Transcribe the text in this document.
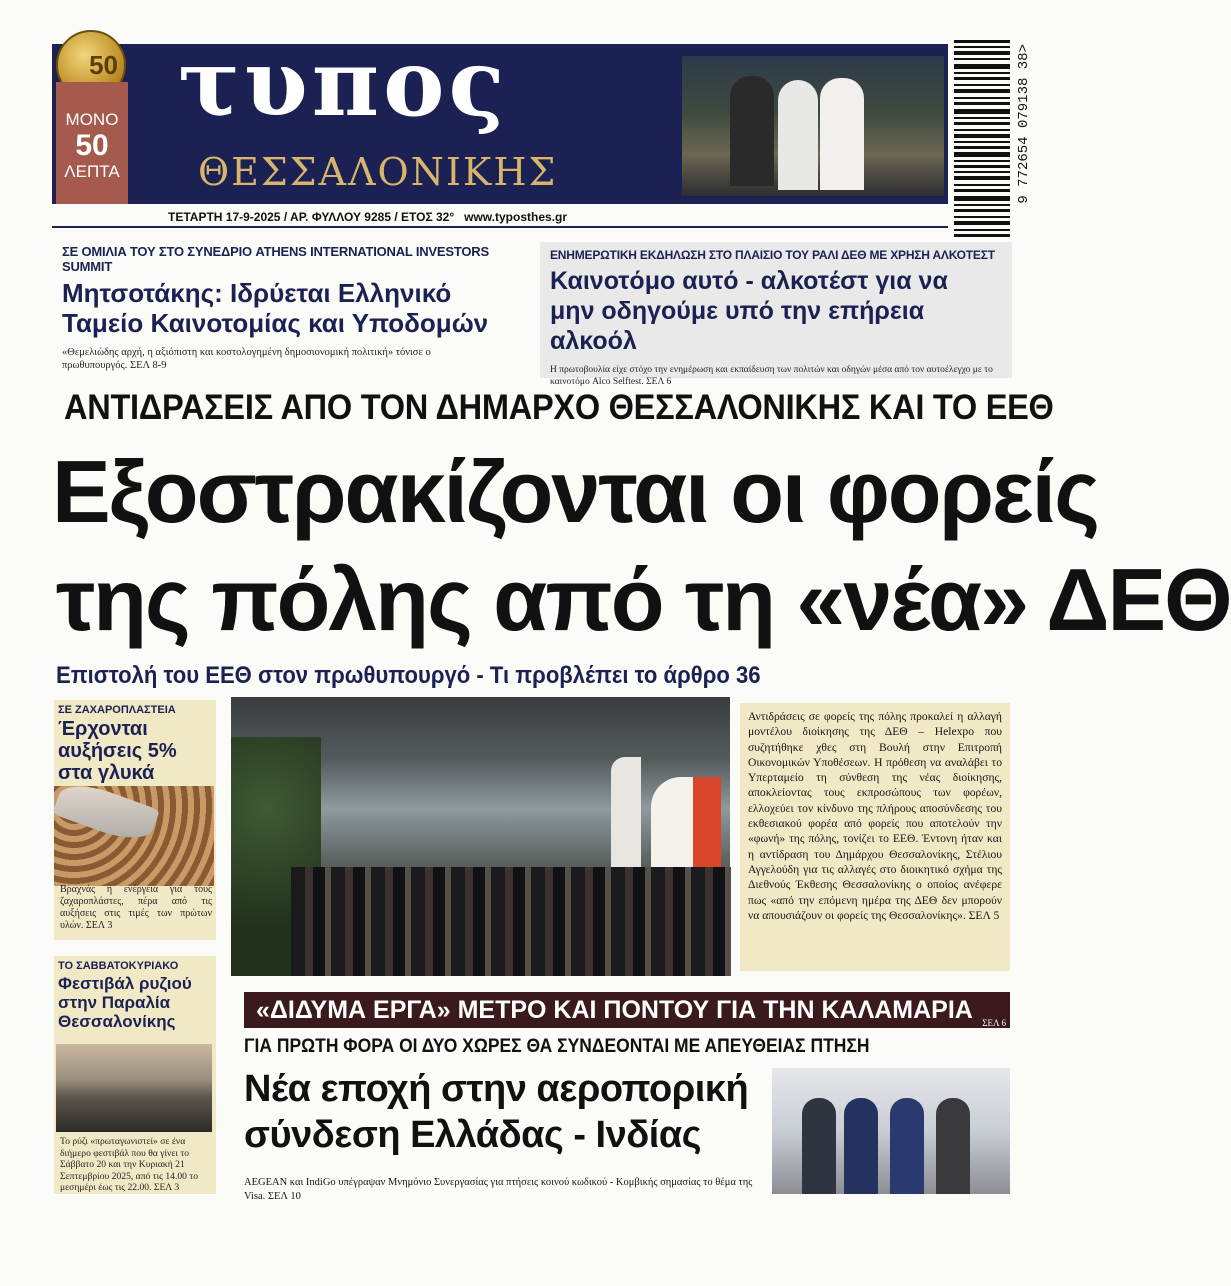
50
ΜΟΝΟ
50
ΛΕΠΤΑ
τυπος
ΘΕΣΣΑΛΟΝΙΚΗΣ
ΤΕΤΑΡΤΗ 17-9-2025 / ΑΡ. ΦΥΛΛΟΥ 9285 / ΕΤΟΣ 32° www.typosthes.gr
9 772654 079138 38>
ΣΕ ΟΜΙΛΙΑ ΤΟΥ ΣΤΟ ΣΥΝΕΔΡΙΟ ATHENS INTERNATIONAL INVESTORS SUMMIT
Μητσοτάκης: Ιδρύεται Ελληνικό
Ταμείο Καινοτομίας και Υποδομών
«Θεμελιώδης αρχή, η αξιόπιστη και κοστολογημένη δημοσιονομική πολιτική» τόνισε ο πρωθυπουργός. ΣΕΛ 8-9
ΕΝΗΜΕΡΩΤΙΚΗ ΕΚΔΗΛΩΣΗ ΣΤΟ ΠΛΑΙΣΙΟ ΤΟΥ ΡΑΛΙ ΔΕΘ ΜΕ ΧΡΗΣΗ ΑΛΚΟΤΕΣΤ
Καινοτόμο αυτό - αλκοτέστ για να
μην οδηγούμε υπό την επήρεια αλκοόλ
Η πρωτοβουλία είχε στόχο την ενημέρωση και εκπαίδευση των πολιτών και οδηγών μέσα από τον αυτοέλεγχο με το καινοτόμο Alco Selftest. ΣΕΛ 6
ΑΝΤΙΔΡΑΣΕΙΣ ΑΠΟ ΤΟΝ ΔΗΜΑΡΧΟ ΘΕΣΣΑΛΟΝΙΚΗΣ ΚΑΙ ΤΟ ΕΕΘ
Εξοστρακίζονται οι φορείς
της πόλης από τη «νέα» ΔΕΘ
Επιστολή του ΕΕΘ στον πρωθυπουργό - Τι προβλέπει το άρθρο 36
ΣΕ ΖΑΧΑΡΟΠΛΑΣΤΕΙΑ
Έρχονται
αυξήσεις 5%
στα γλυκά
Βραχνάς η ενέργεια για τους ζαχαροπλάστες, πέρα από τις αυξήσεις στις τιμές των πρώτων υλών. ΣΕΛ 3
ΤΟ ΣΑΒΒΑΤΟΚΥΡΙΑΚΟ
Φεστιβάλ ρυζιού
στην Παραλία
Θεσσαλονίκης
Το ρύζι «πρωταγωνιστεί» σε ένα διήμερο φεστιβάλ που θα γίνει το Σάββατο 20 και την Κυριακή 21 Σεπτεμβρίου 2025, από τις 14.00 το μεσημέρι έως τις 22.00. ΣΕΛ 3
Αντιδράσεις σε φορείς της πόλης προκαλεί η αλλαγή μοντέλου διοίκησης της ΔΕΘ – Helexpo που συζητήθηκε χθες στη Βουλή στην Επιτροπή Οικονομικών Υποθέσεων. Η πρόθεση να αναλάβει το Υπερταμείο τη σύνθεση της νέας διοίκησης, αποκλείοντας τους εκπροσώπους των φορέων, ελλοχεύει τον κίνδυνο της πλήρους αποσύνδεσης του εκθεσιακού φορέα από φορείς που αποτελούν την «φωνή» της πόλης, τονίζει το ΕΕΘ. Έντονη ήταν και η αντίδραση του Δημάρχου Θεσσαλονίκης, Στέλιου Αγγελούδη για τις αλλαγές στο διοικητικό σχήμα της Διεθνούς Έκθεσης Θεσσαλονίκης ο οποίος ανέφερε πως «από την επόμενη ημέρα της ΔΕΘ δεν μπορούν να απουσιάζουν οι φορείς της Θεσσαλονίκης». ΣΕΛ 5
«ΔΙΔΥΜΑ ΕΡΓΑ» ΜΕΤΡΟ ΚΑΙ ΠΟΝΤΟΥ ΓΙΑ ΤΗΝ ΚΑΛΑΜΑΡΙΑ ΣΕΛ 6
ΓΙΑ ΠΡΩΤΗ ΦΟΡΑ ΟΙ ΔΥΟ ΧΩΡΕΣ ΘΑ ΣΥΝΔΕΟΝΤΑΙ ΜΕ ΑΠΕΥΘΕΙΑΣ ΠΤΗΣΗ
Νέα εποχή στην αεροπορική
σύνδεση Ελλάδας - Ινδίας
AEGEAN και IndiGo υπέγραψαν Μνημόνιο Συνεργασίας για πτήσεις κοινού κωδικού - Κομβικής σημασίας το θέμα της Visa. ΣΕΛ 10
